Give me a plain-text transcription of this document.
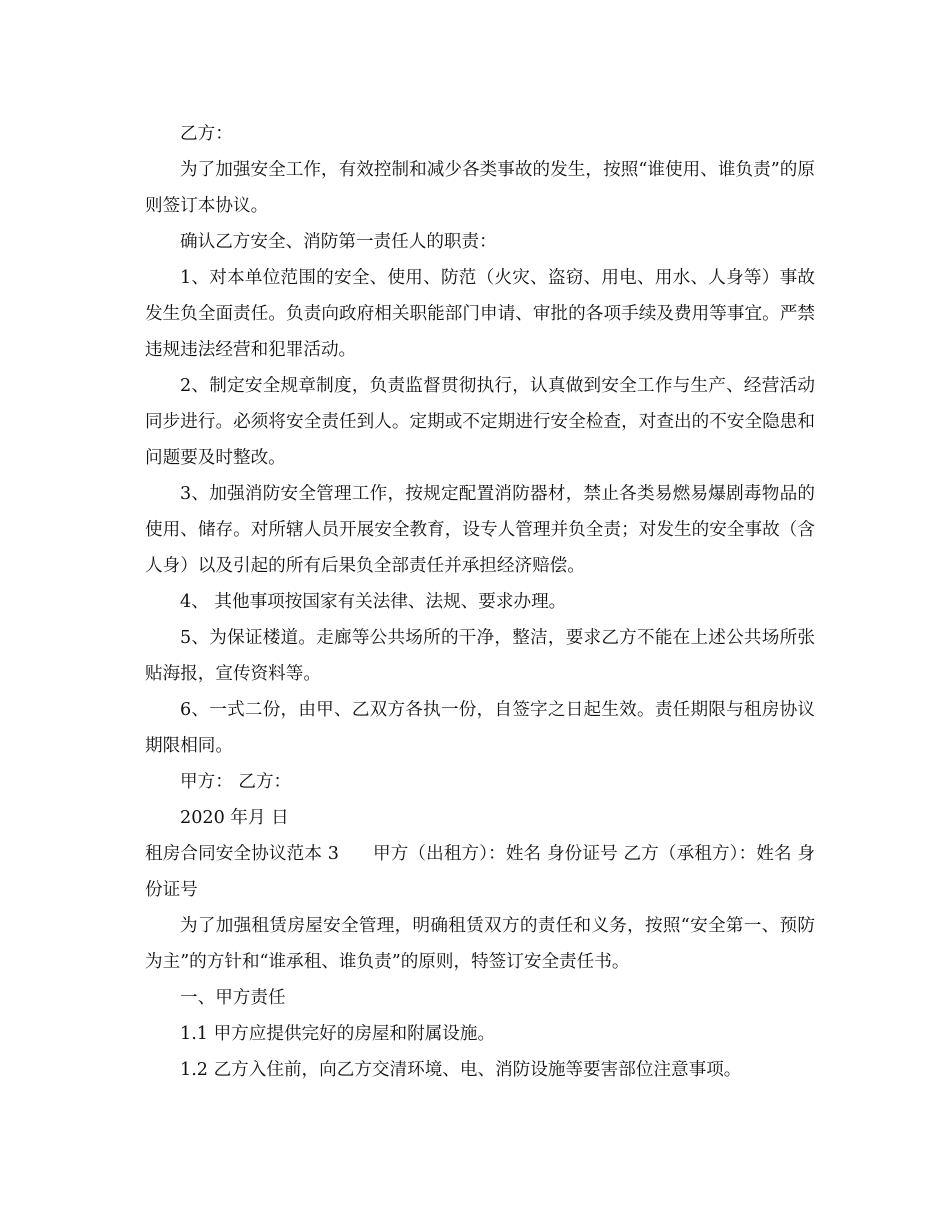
乙方：

为了加强安全工作，有效控制和减少各类事故的发生，按照“谁使用、谁负责”的原则签订本协议。

确认乙方安全、消防第一责任人的职责：

1、对本单位范围的安全、使用、防范（火灾、盗窃、用电、用水、人身等）事故发生负全面责任。负责向政府相关职能部门申请、审批的各项手续及费用等事宜。严禁违规违法经营和犯罪活动。

2、制定安全规章制度，负责监督贯彻执行，认真做到安全工作与生产、经营活动同步进行。必须将安全责任到人。定期或不定期进行安全检查，对查出的不安全隐患和问题要及时整改。

3、加强消防安全管理工作，按规定配置消防器材，禁止各类易燃易爆剧毒物品的使用、储存。对所辖人员开展安全教育，设专人管理并负全责；对发生的安全事故（含人身）以及引起的所有后果负全部责任并承担经济赔偿。

4、 其他事项按国家有关法律、法规、要求办理。

5、为保证楼道。走廊等公共场所的干净，整洁，要求乙方不能在上述公共场所张贴海报，宣传资料等。

6、一式二份，由甲、乙双方各执一份，自签字之日起生效。责任期限与租房协议期限相同。

甲方： 乙方：

2020 年月 日

租房合同安全协议范本 3 甲方（出租方）：姓名 身份证号 乙方（承租方）：姓名 身份证号

为了加强租赁房屋安全管理，明确租赁双方的责任和义务，按照“安全第一、预防为主”的方针和“谁承租、谁负责”的原则，特签订安全责任书。

一、甲方责任

1.1 甲方应提供完好的房屋和附属设施。

1.2 乙方入住前，向乙方交清环境、电、消防设施等要害部位注意事项。
